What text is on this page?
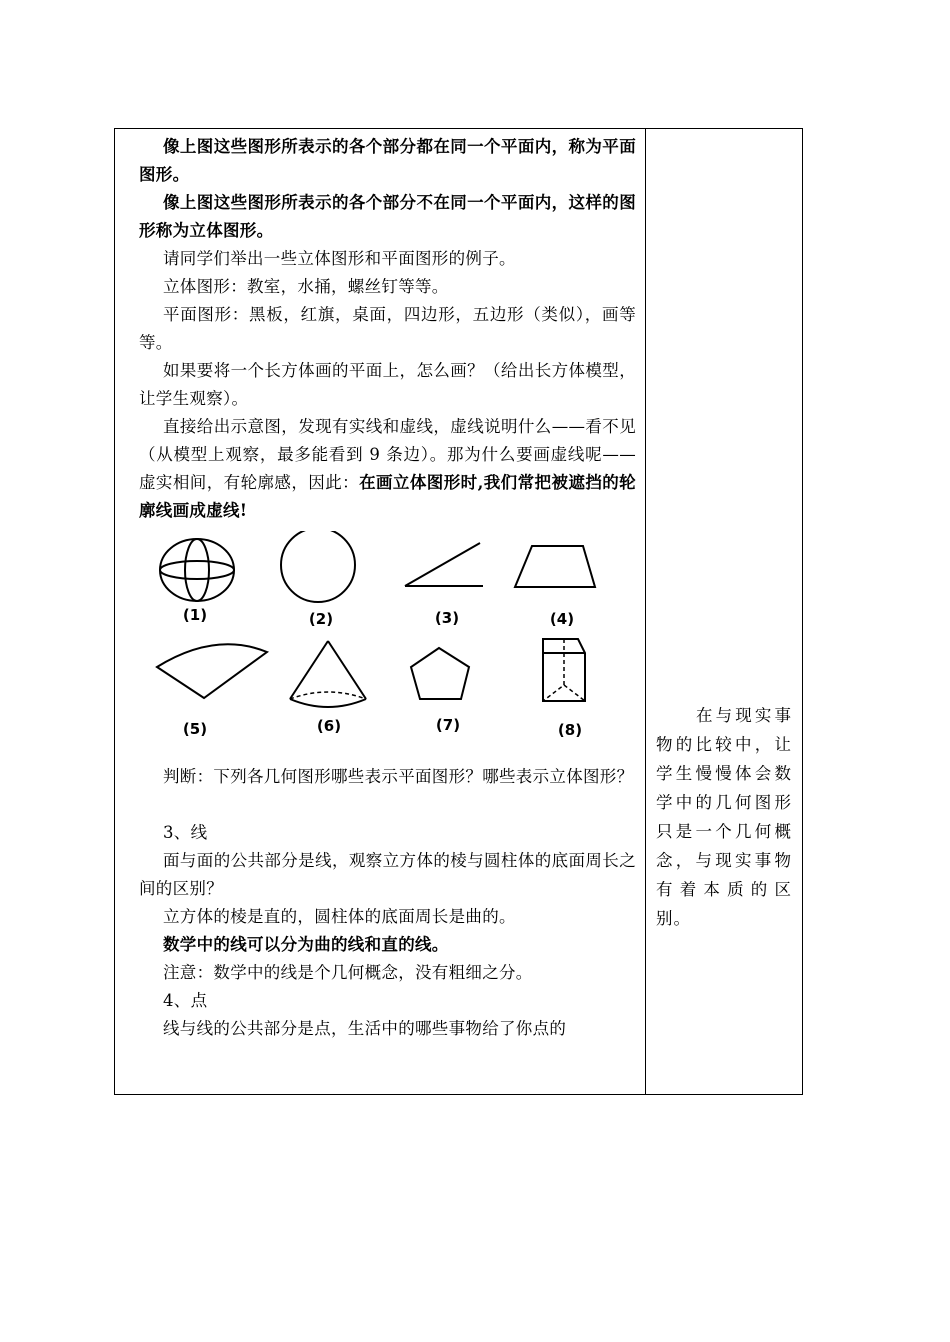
像上图这些图形所表示的各个部分都在同一个平面内，称为平面图形。

像上图这些图形所表示的各个部分不在同一个平面内，这样的图形称为立体图形。

请同学们举出一些立体图形和平面图形的例子。

立体图形：教室，水捅，螺丝钉等等。

平面图形：黑板，红旗，桌面，四边形，五边形（类似），画等等。

如果要将一个长方体画的平面上，怎么画？（给出长方体模型，让学生观察）。

直接给出示意图，发现有实线和虚线，虚线说明什么——看不见（从模型上观察，最多能看到 9 条边）。那为什么要画虚线呢——虚实相间，有轮廓感，因此：在画立体图形时,我们常把被遮挡的轮廓线画成虚线!

(1)	(2)	(3)	(4)
(5)	(6)	(7)	(8)

判断：下列各几何图形哪些表示平面图形？哪些表示立体图形？

3、线

面与面的公共部分是线，观察立方体的棱与圆柱体的底面周长之间的区别？

立方体的棱是直的，圆柱体的底面周长是曲的。

数学中的线可以分为曲的线和直的线。

注意：数学中的线是个几何概念，没有粗细之分。

4、点

线与线的公共部分是点，生活中的哪些事物给了你点的

在与现实事物的比较中，让学生慢慢体会数学中的几何图形只是一个几何概念，与现实事物有着本质的区别。
